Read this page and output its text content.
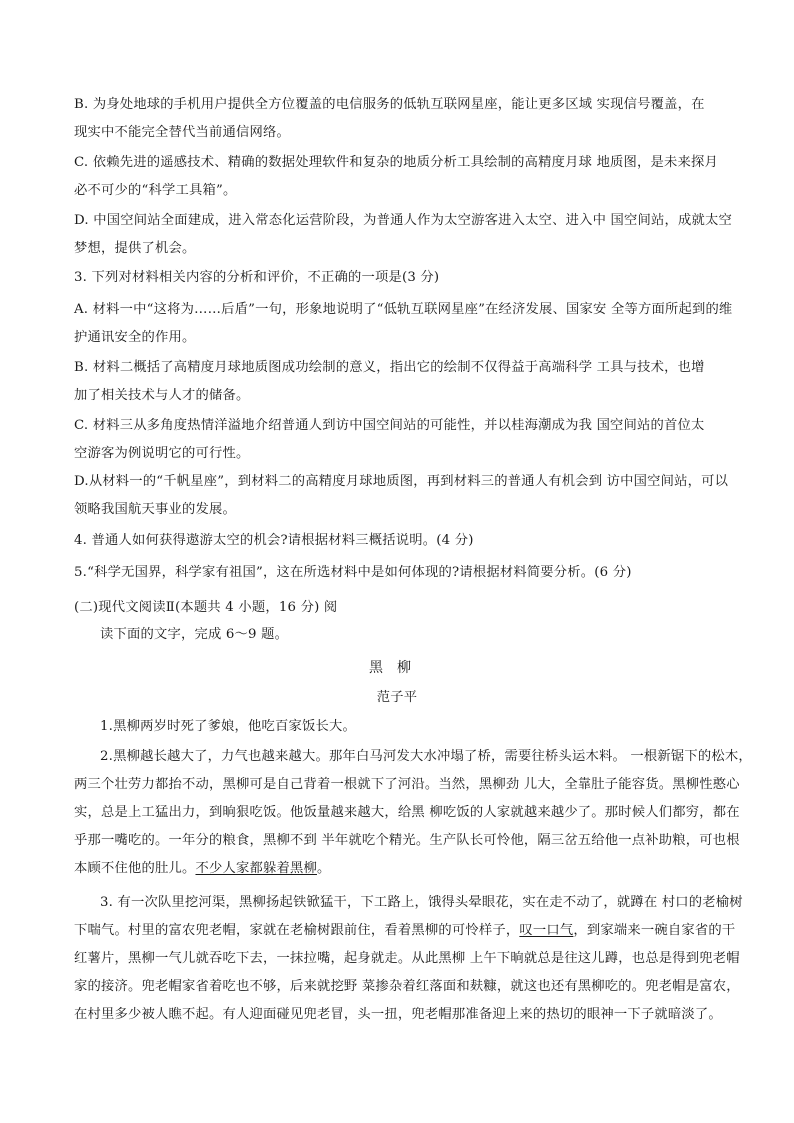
B. 为身处地球的手机用户提供全方位覆盖的电信服务的低轨互联网星座，能让更多区域 实现信号覆盖，在

现实中不能完全替代当前通信网络。

C. 依赖先进的遥感技术、精确的数据处理软件和复杂的地质分析工具绘制的高精度月球 地质图，是未来探月

必不可少的“科学工具箱”。

D. 中国空间站全面建成，进入常态化运营阶段，为普通人作为太空游客进入太空、进入中 国空间站，成就太空

梦想，提供了机会。

3. 下列对材料相关内容的分析和评价，不正确的一项是(3 分)

A. 材料一中“这将为……后盾”一句，形象地说明了“低轨互联网星座”在经济发展、国家安 全等方面所起到的维

护通讯安全的作用。

B. 材料二概括了高精度月球地质图成功绘制的意义，指出它的绘制不仅得益于高端科学 工具与技术，也增

加了相关技术与人才的储备。

C. 材料三从多角度热情洋溢地介绍普通人到访中国空间站的可能性，并以桂海潮成为我 国空间站的首位太

空游客为例说明它的可行性。

D.从材料一的“千帆星座”，到材料二的高精度月球地质图，再到材料三的普通人有机会到 访中国空间站，可以

领略我国航天事业的发展。

4. 普通人如何获得遨游太空的机会?请根据材料三概括说明。(4 分)

5.“科学无国界，科学家有祖国”，这在所选材料中是如何体现的?请根据材料简要分析。(6 分)

(二)现代文阅读Ⅱ(本题共 4 小题，16 分) 阅

读下面的文字，完成 6～9 题。

黑柳

范子平

1.黑柳两岁时死了爹娘，他吃百家饭长大。

2.黑柳越长越大了，力气也越来越大。那年白马河发大水冲塌了桥，需要往桥头运木料。 一根新锯下的松木，

两三个壮劳力都抬不动，黑柳可是自己背着一根就下了河沿。当然，黑柳劲 儿大，全靠肚子能容货。黑柳性憨心

实，总是上工猛出力，到晌狠吃饭。他饭量越来越大，给黑 柳吃饭的人家就越来越少了。那时候人们都穷，都在

乎那一嘴吃的。一年分的粮食，黑柳不到 半年就吃个精光。生产队长可怜他，隔三岔五给他一点补助粮，可也根

本顾不住他的肚儿。不少人家都躲着黑柳。

3. 有一次队里挖河渠，黑柳扬起铁锨猛干，下工路上，饿得头晕眼花，实在走不动了，就蹲在 村口的老榆树

下喘气。村里的富农兜老帽，家就在老榆树跟前住，看着黑柳的可怜样子，叹一口气，到家端来一碗自家省的干

红薯片，黑柳一气儿就吞吃下去，一抹拉嘴，起身就走。从此黑柳 上午下晌就总是往这儿蹲，也总是得到兜老帽

家的接济。兜老帽家省着吃也不够，后来就挖野 菜掺杂着红落面和麸糠，就这也还有黑柳吃的。兜老帽是富农，

在村里多少被人瞧不起。有人迎面碰见兜老冒，头一扭，兜老帽那准备迎上来的热切的眼神一下子就暗淡了。
